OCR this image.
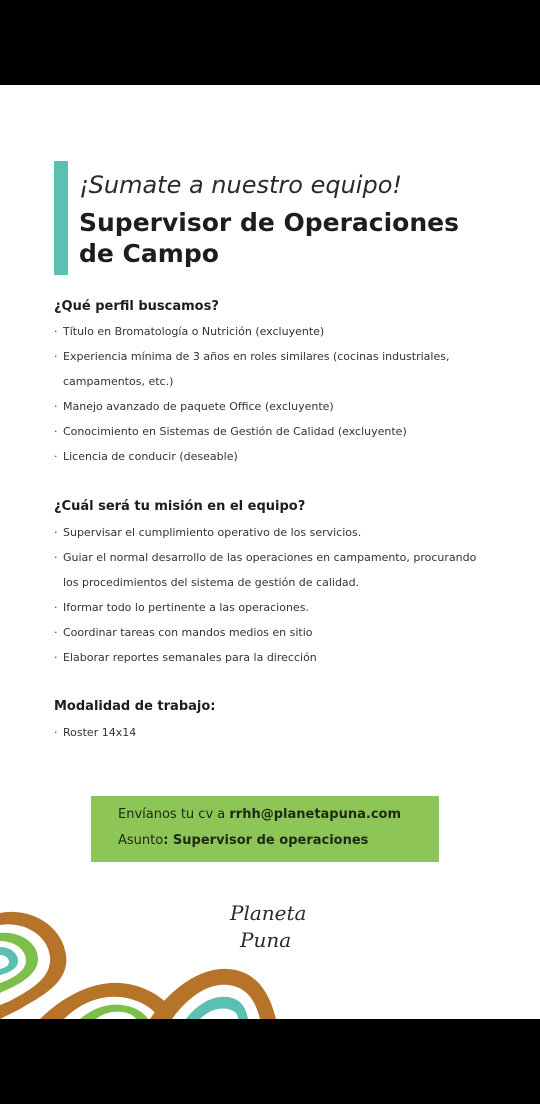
¡Sumate a nuestro equipo!
Supervisor de Operaciones
de Campo
¿Qué perfil buscamos?
· Título en Bromatología o Nutrición (excluyente)
· Experiencia mínima de 3 años en roles similares (cocinas industriales, campamentos, etc.)
· Manejo avanzado de paquete Office (excluyente)
· Conocimiento en Sistemas de Gestión de Calidad (excluyente)
· Licencia de conducir (deseable)
¿Cuál será tu misión en el equipo?
· Supervisar el cumplimiento operativo de los servicios.
· Guiar el normal desarrollo de las operaciones en campamento, procurando los procedimientos del sistema de gestión de calidad.
· Iformar todo lo pertinente a las operaciones.
· Coordinar tareas con mandos medios en sitio
· Elaborar reportes semanales para la dirección
Modalidad de trabajo:
· Roster 14x14
Envíanos tu cv a rrhh@planetapuna.com
Asunto: Supervisor de operaciones
Planeta
Puna
